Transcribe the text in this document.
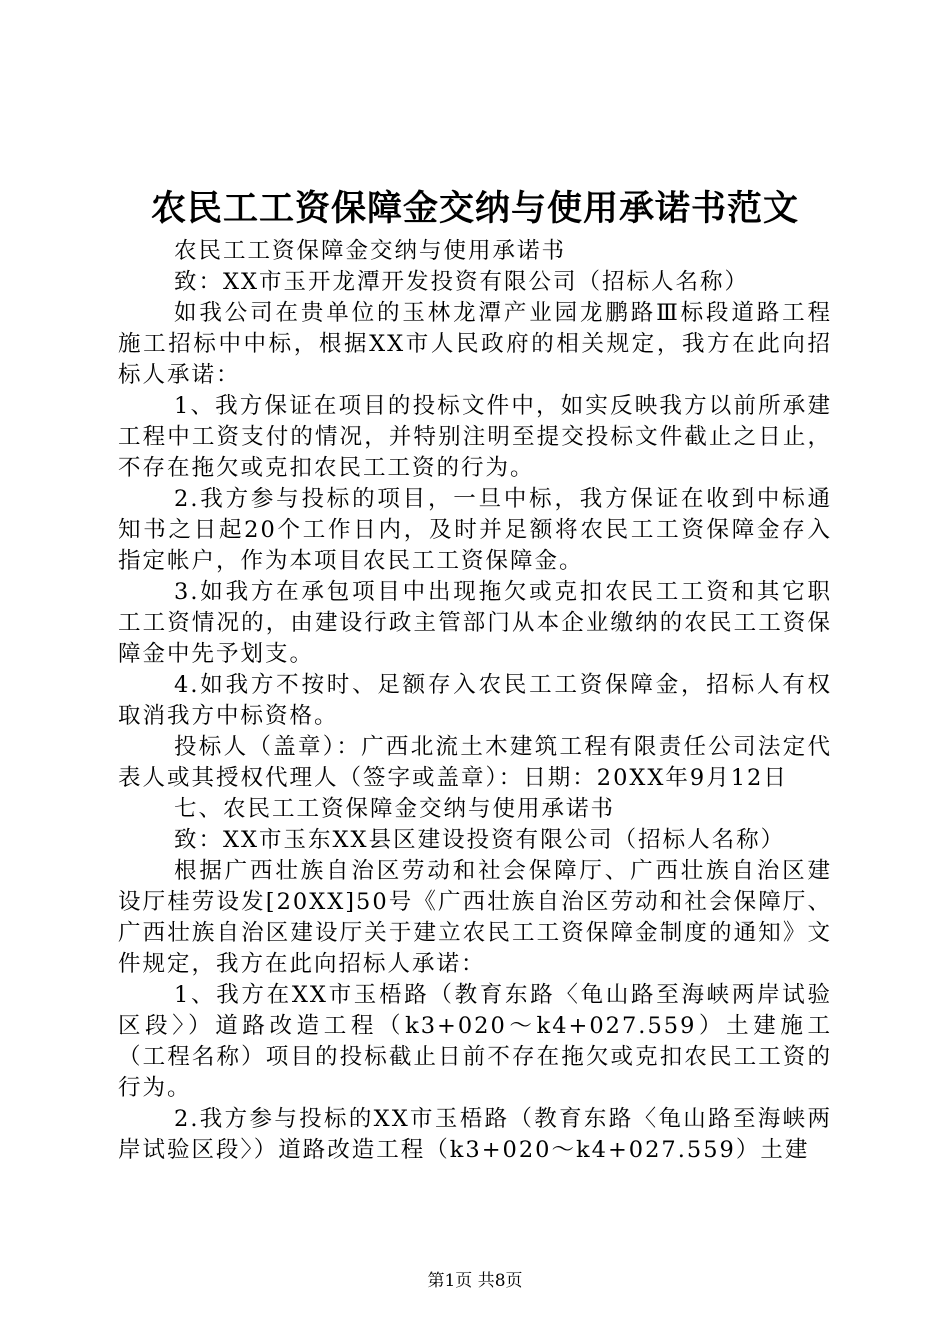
农民工工资保障金交纳与使用承诺书范文

农民工工资保障金交纳与使用承诺书

致：XX市玉开龙潭开发投资有限公司（招标人名称）

如我公司在贵单位的玉林龙潭产业园龙鹏路Ⅲ标段道路工程施工招标中中标，根据XX市人民政府的相关规定，我方在此向招标人承诺：

1、我方保证在项目的投标文件中，如实反映我方以前所承建工程中工资支付的情况，并特别注明至提交投标文件截止之日止，不存在拖欠或克扣农民工工资的行为。

2.我方参与投标的项目，一旦中标，我方保证在收到中标通知书之日起20个工作日内，及时并足额将农民工工资保障金存入指定帐户，作为本项目农民工工资保障金。

3.如我方在承包项目中出现拖欠或克扣农民工工资和其它职工工资情况的，由建设行政主管部门从本企业缴纳的农民工工资保障金中先予划支。

4.如我方不按时、足额存入农民工工资保障金，招标人有权取消我方中标资格。

投标人（盖章）：广西北流土木建筑工程有限责任公司法定代表人或其授权代理人（签字或盖章）：日期：20XX年9月12日

七、农民工工资保障金交纳与使用承诺书

致：XX市玉东XX县区建设投资有限公司（招标人名称）

根据广西壮族自治区劳动和社会保障厅、广西壮族自治区建设厅桂劳设发[20XX]50号《广西壮族自治区劳动和社会保障厅、广西壮族自治区建设厅关于建立农民工工资保障金制度的通知》文件规定，我方在此向招标人承诺：

1、我方在XX市玉梧路（教育东路〈龟山路至海峡两岸试验区段〉）道路改造工程（k3+020～k4+027.559）土建施工（工程名称）项目的投标截止日前不存在拖欠或克扣农民工工资的行为。

2.我方参与投标的XX市玉梧路（教育东路〈龟山路至海峡两岸试验区段〉）道路改造工程（k3+020～k4+027.559）土建

第1页 共8页
